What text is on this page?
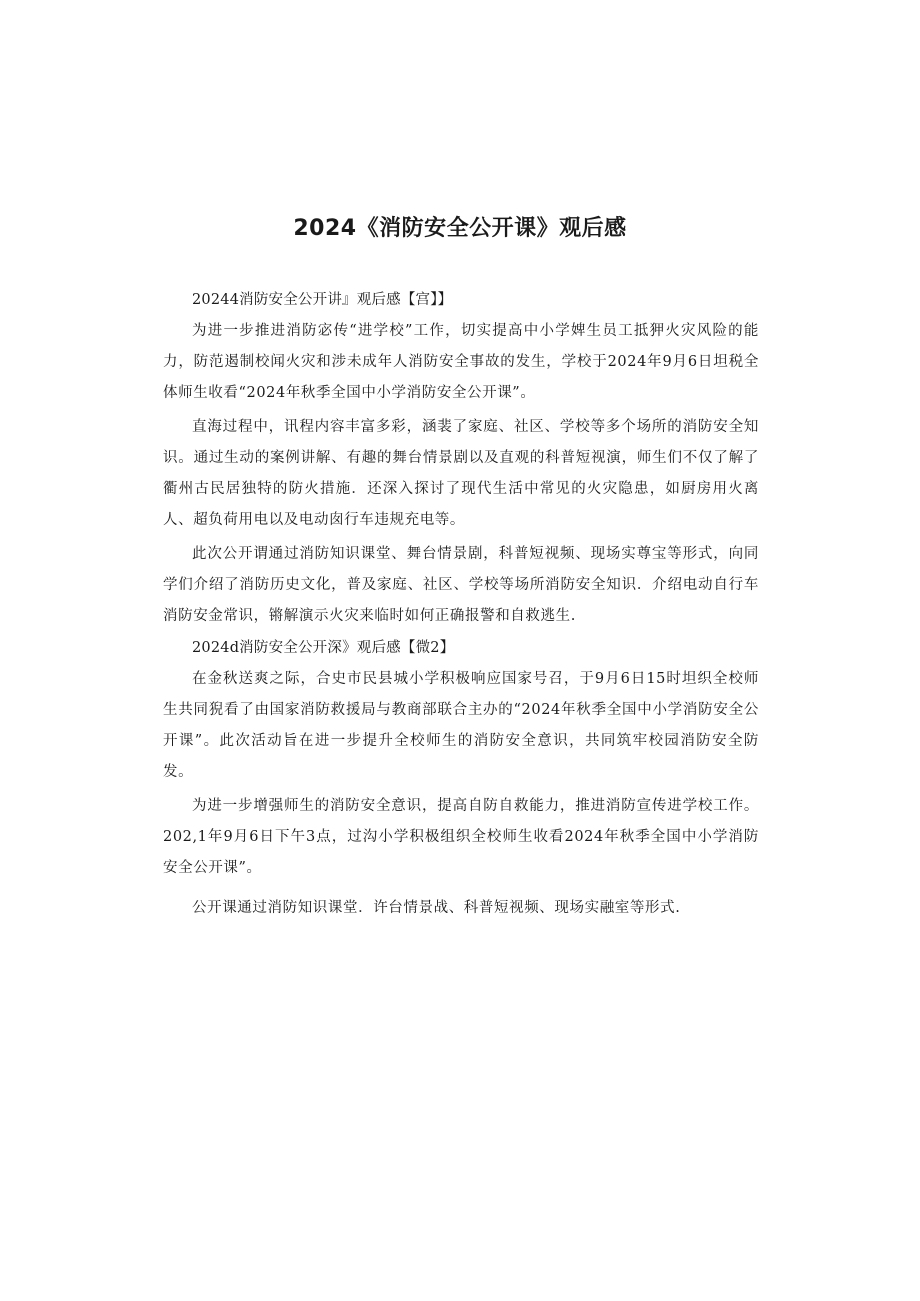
2024《消防安全公开课》观后感

20244消防安全公开讲』观后感【宫】】

为进一步推进消防宓传“进学校”工作，切实提高中小学婢生员工抵狎火灾风险的能力，防范遏制校闻火灾和涉未成年人消防安全事故的发生，学校于2024年9月6日坦税全体师生收看“2024年秋季全国中小学消防安全公开课”。

直海过程中，讯程内容丰富多彩，涵裴了家庭、社区、学校等多个场所的消防安全知识。通过生动的案例讲解、有趣的舞台情景剧以及直观的科普短视演，师生们不仅了解了衢州古民居独特的防火措施．还深入探讨了现代生活中常见的火灾隐患，如厨房用火离人、超负荷用电以及电动囱行车违规充电等。

此次公开谓通过消防知识课堂、舞台情景剧，科普短视频、现场实尊宝等形式，向同学们介绍了消防历史文化，普及家庭、社区、学校等场所消防安全知识．介绍电动自行车消防安金常识，锵解演示火灾来临时如何正确报警和自救逃生.

2024d消防安全公开深》观后感【微2】

在金秋送爽之际，合史市民县城小学积极响应国家号召，于9月6日15时坦织全校师生共同猊看了由国家消防救援局与教商部联合主办的“2024年秋季全国中小学消防安全公开课”。此次活动旨在进一步提升全校师生的消防安全意识，共同筑牢校园消防安全防发。

为进一步增强师生的消防安全意识，提高自防自救能力，推进消防宣传进学校工作。202,1年9月6日下午3点，过沟小学积极组织全校师生收看2024年秋季全国中小学消防安全公开课”。

公开课通过消防知识课堂．许台情景战、科普短视频、现场实融室等形式.
